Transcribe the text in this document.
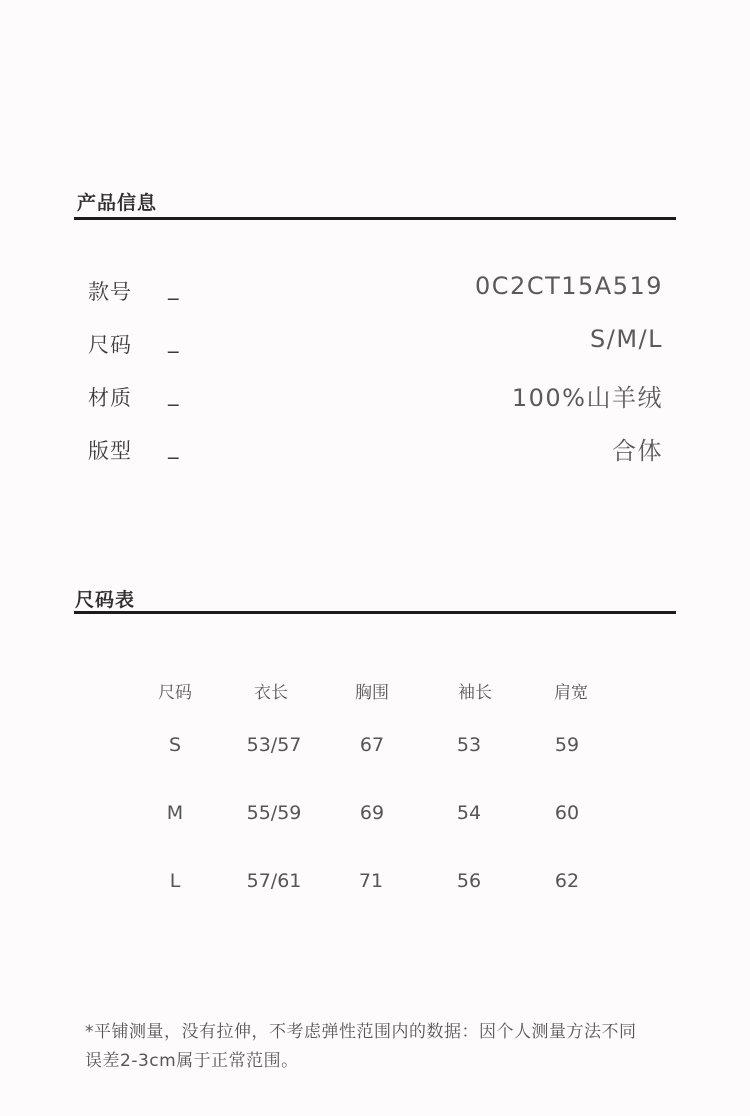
产品信息
款号 _	0C2CT15A519
尺码 _	S/M/L
材质 _	100%山羊绒
版型 _	合体
尺码表
尺码	衣长	胸围	袖长	肩宽
S	53/57	67	53	59
M	55/59	69	54	60
L	57/61	71	56	62
*平铺测量，没有拉伸，不考虑弹性范围内的数据：因个人测量方法不同
误差2-3cm属于正常范围。
